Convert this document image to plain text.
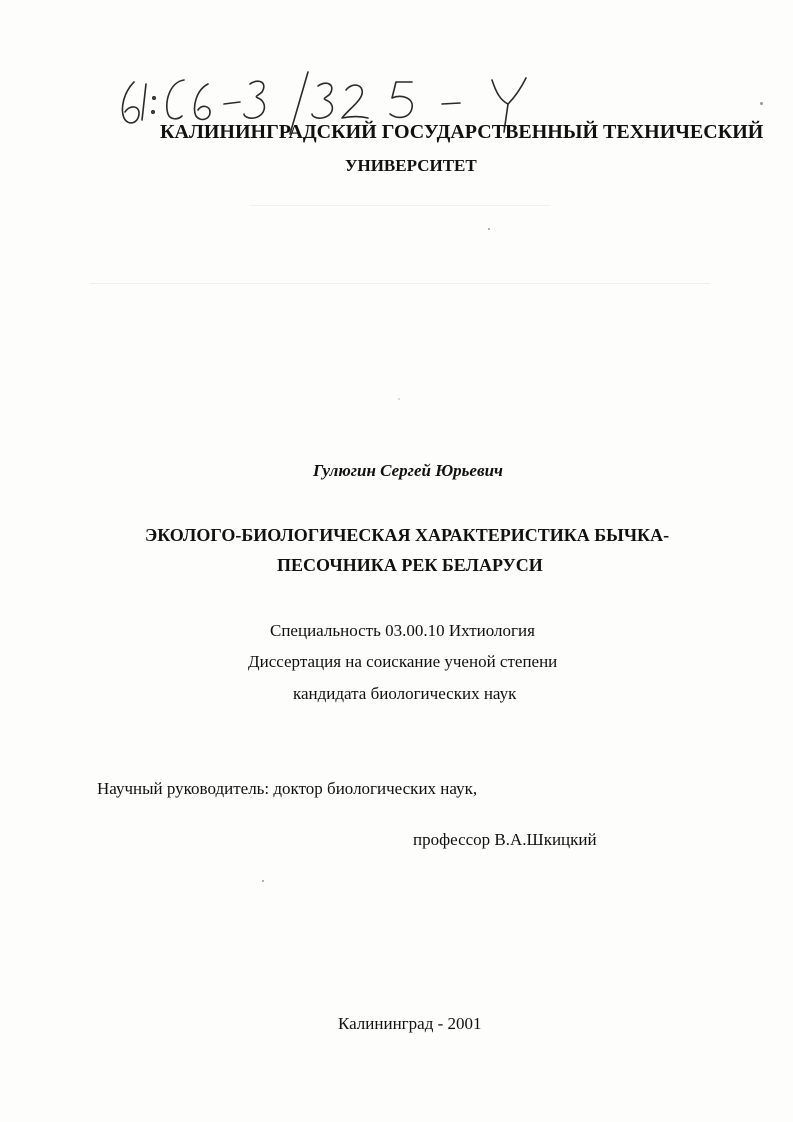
КАЛИНИНГРАДСКИЙ ГОСУДАРСТВЕННЫЙ ТЕХНИЧЕСКИЙ
УНИВЕРСИТЕТ
Гулюгин Сергей Юрьевич
ЭКОЛОГО-БИОЛОГИЧЕСКАЯ ХАРАКТЕРИСТИКА БЫЧКА-
ПЕСОЧНИКА РЕК БЕЛАРУСИ
Специальность 03.00.10 Ихтиология
Диссертация на соискание ученой степени
кандидата биологических наук
Научный руководитель: доктор биологических наук,
профессор В.А.Шкицкий
Калининград - 2001
